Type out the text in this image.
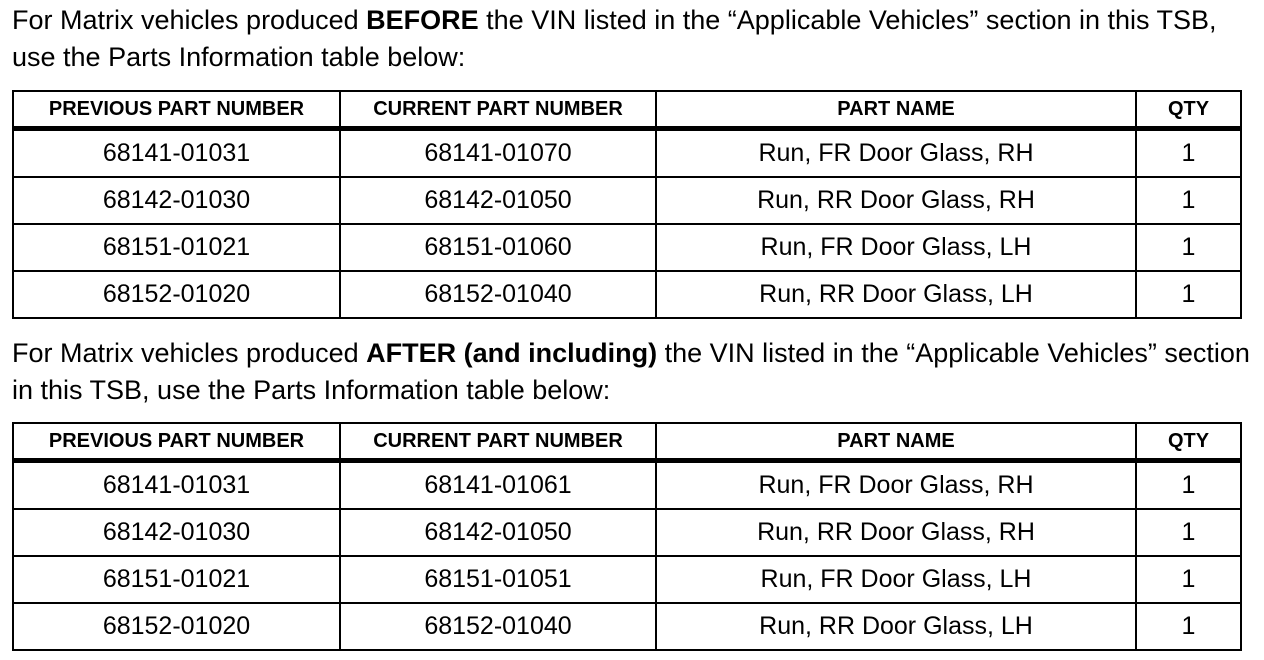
For Matrix vehicles produced BEFORE the VIN listed in the “Applicable Vehicles” section in this TSB, use the Parts Information table below:

PREVIOUS PART NUMBER	CURRENT PART NUMBER	PART NAME	QTY
68141-01031	68141-01070	Run, FR Door Glass, RH	1
68142-01030	68142-01050	Run, RR Door Glass, RH	1
68151-01021	68151-01060	Run, FR Door Glass, LH	1
68152-01020	68152-01040	Run, RR Door Glass, LH	1

For Matrix vehicles produced AFTER (and including) the VIN listed in the “Applicable Vehicles” section in this TSB, use the Parts Information table below:

PREVIOUS PART NUMBER	CURRENT PART NUMBER	PART NAME	QTY
68141-01031	68141-01061	Run, FR Door Glass, RH	1
68142-01030	68142-01050	Run, RR Door Glass, RH	1
68151-01021	68151-01051	Run, FR Door Glass, LH	1
68152-01020	68152-01040	Run, RR Door Glass, LH	1
